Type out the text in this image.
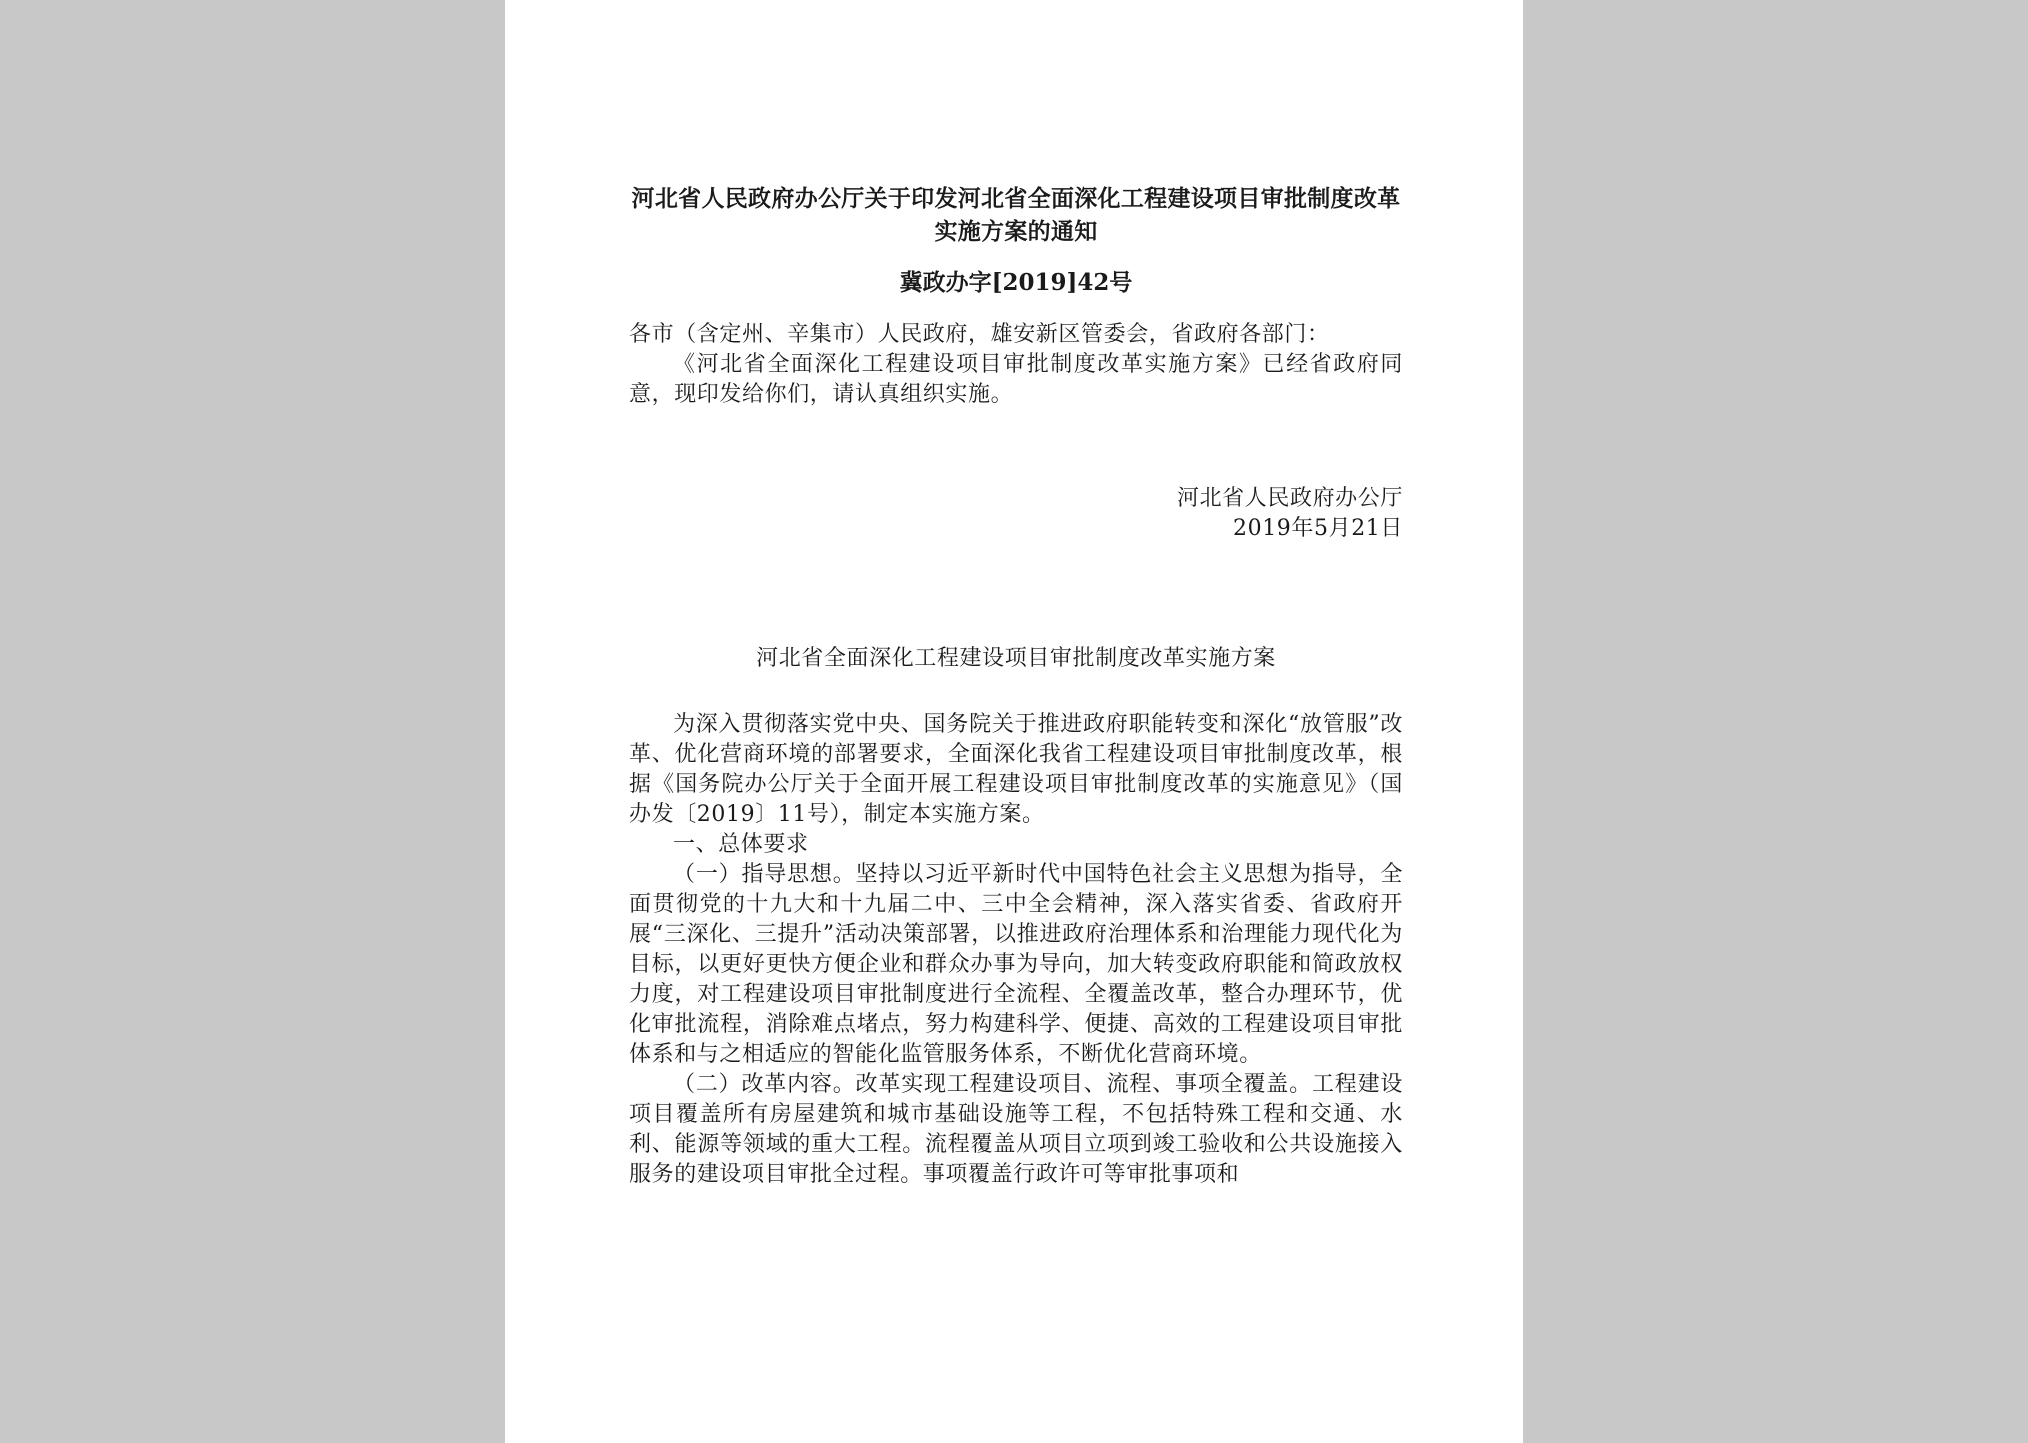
河北省人民政府办公厅关于印发河北省全面深化工程建设项目审批制度改革实施方案的通知

冀政办字[2019]42号

各市（含定州、辛集市）人民政府，雄安新区管委会，省政府各部门：

《河北省全面深化工程建设项目审批制度改革实施方案》已经省政府同意，现印发给你们，请认真组织实施。

河北省人民政府办公厅

2019年5月21日

河北省全面深化工程建设项目审批制度改革实施方案

为深入贯彻落实党中央、国务院关于推进政府职能转变和深化“放管服”改革、优化营商环境的部署要求，全面深化我省工程建设项目审批制度改革，根据《国务院办公厅关于全面开展工程建设项目审批制度改革的实施意见》（国办发〔2019〕11号），制定本实施方案。

一、总体要求

（一）指导思想。坚持以习近平新时代中国特色社会主义思想为指导，全面贯彻党的十九大和十九届二中、三中全会精神，深入落实省委、省政府开展“三深化、三提升”活动决策部署，以推进政府治理体系和治理能力现代化为目标，以更好更快方便企业和群众办事为导向，加大转变政府职能和简政放权力度，对工程建设项目审批制度进行全流程、全覆盖改革，整合办理环节，优化审批流程，消除难点堵点，努力构建科学、便捷、高效的工程建设项目审批体系和与之相适应的智能化监管服务体系，不断优化营商环境。

（二）改革内容。改革实现工程建设项目、流程、事项全覆盖。工程建设项目覆盖所有房屋建筑和城市基础设施等工程，不包括特殊工程和交通、水利、能源等领域的重大工程。流程覆盖从项目立项到竣工验收和公共设施接入服务的建设项目审批全过程。事项覆盖行政许可等审批事项和
